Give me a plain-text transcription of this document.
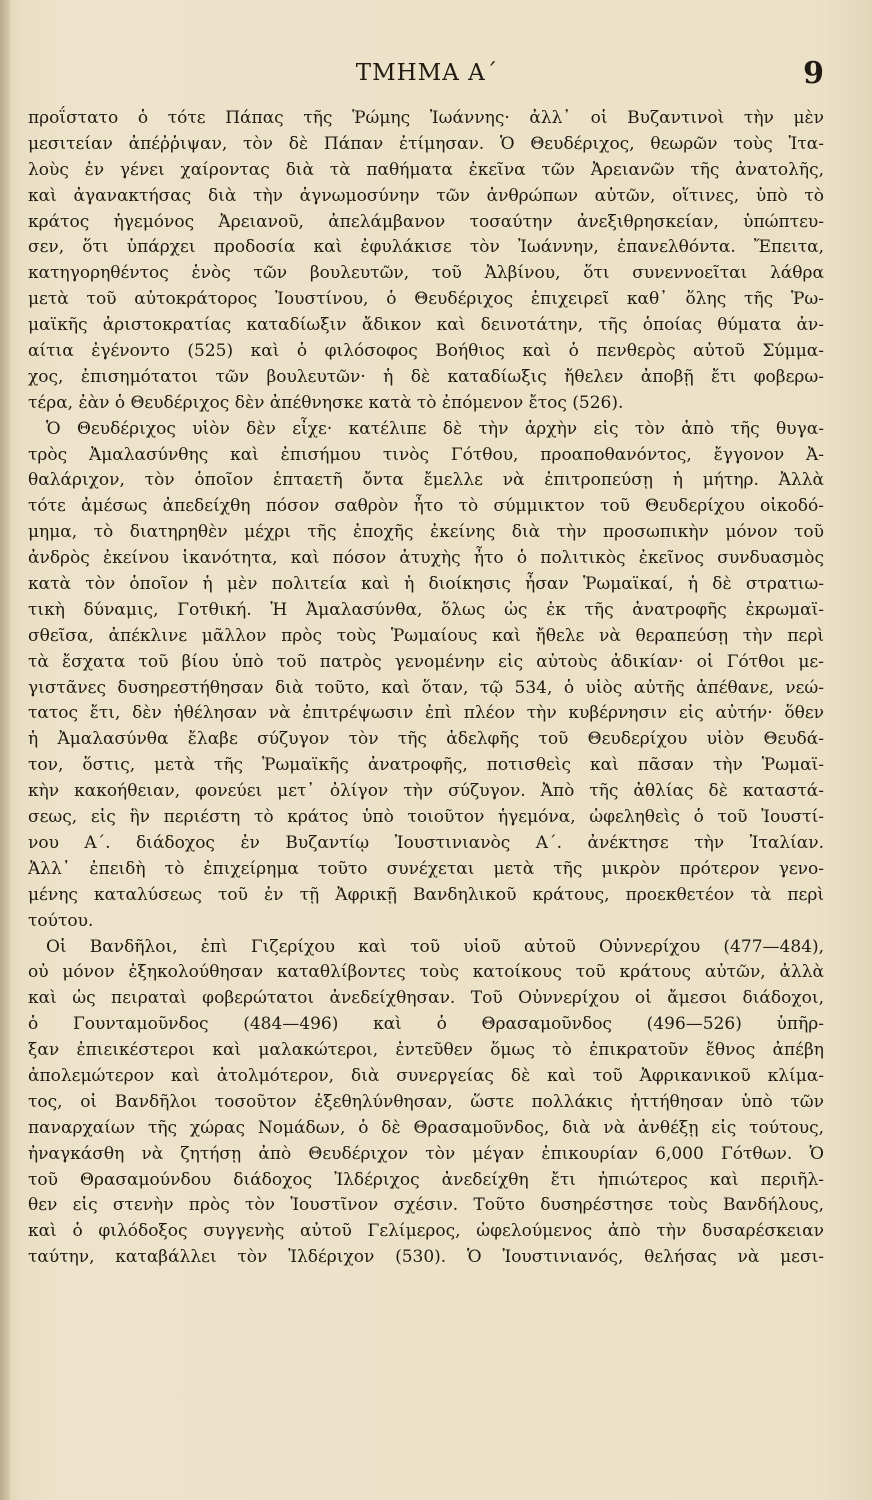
ΤΜΗΜΑ Α΄	9
προΐστατο ὁ τότε Πάπας τῆς Ῥώμης Ἰωάννης· ἀλλ᾽ οἱ Βυζαντινοὶ τὴν μὲν
μεσιτείαν ἀπέῤῥιψαν, τὸν δὲ Πάπαν ἐτίμησαν. Ὁ Θευδέριχος, θεωρῶν τοὺς Ἰτα-
λοὺς ἐν γένει χαίροντας διὰ τὰ παθήματα ἐκεῖνα τῶν Ἀρειανῶν τῆς ἀνατολῆς,
καὶ ἀγανακτήσας διὰ τὴν ἀγνωμοσύνην τῶν ἀνθρώπων αὐτῶν, οἵτινες, ὑπὸ τὸ
κράτος ἡγεμόνος Ἀρειανοῦ, ἀπελάμβανον τοσαύτην ἀνεξιθρησκείαν, ὑπώπτευ-
σεν, ὅτι ὑπάρχει προδοσία καὶ ἐφυλάκισε τὸν Ἰωάννην, ἐπανελθόντα. Ἔπειτα,
κατηγορηθέντος ἑνὸς τῶν βουλευτῶν, τοῦ Ἀλβίνου, ὅτι συνεννοεῖται λάθρα
μετὰ τοῦ αὐτοκράτορος Ἰουστίνου, ὁ Θευδέριχος ἐπιχειρεῖ καθ᾽ ὅλης τῆς Ῥω-
μαϊκῆς ἀριστοκρατίας καταδίωξιν ἄδικον καὶ δεινοτάτην, τῆς ὁποίας θύματα ἀν-
αίτια ἐγένοντο (525) καὶ ὁ φιλόσοφος Βοήθιος καὶ ὁ πενθερὸς αὐτοῦ Σύμμα-
χος, ἐπισημότατοι τῶν βουλευτῶν· ἡ δὲ καταδίωξις ἤθελεν ἀποβῇ ἔτι φοβερω-
τέρα, ἐὰν ὁ Θευδέριχος δὲν ἀπέθνησκε κατὰ τὸ ἐπόμενον ἔτος (526).
Ὁ Θευδέριχος υἱὸν δὲν εἶχε· κατέλιπε δὲ τὴν ἀρχὴν εἰς τὸν ἀπὸ τῆς θυγα-
τρὸς Ἀμαλασύνθης καὶ ἐπισήμου τινὸς Γότθου, προαποθανόντος, ἔγγονον Ἀ-
θαλάριχον, τὸν ὁποῖον ἑπταετῆ ὄντα ἔμελλε νὰ ἐπιτροπεύσῃ ἡ μήτηρ. Ἀλλὰ
τότε ἀμέσως ἀπεδείχθη πόσον σαθρὸν ἦτο τὸ σύμμικτον τοῦ Θευδερίχου οἰκοδό-
μημα, τὸ διατηρηθὲν μέχρι τῆς ἐποχῆς ἐκείνης διὰ τὴν προσωπικὴν μόνον τοῦ
ἀνδρὸς ἐκείνου ἱκανότητα, καὶ πόσον ἀτυχὴς ἦτο ὁ πολιτικὸς ἐκεῖνος συνδυασμὸς
κατὰ τὸν ὁποῖον ἡ μὲν πολιτεία καὶ ἡ διοίκησις ἦσαν Ῥωμαϊκαί, ἡ δὲ στρατιω-
τικὴ δύναμις, Γοτθική. Ἡ Ἀμαλασύνθα, ὅλως ὡς ἐκ τῆς ἀνατροφῆς ἐκρωμαϊ-
σθεῖσα, ἀπέκλινε μᾶλλον πρὸς τοὺς Ῥωμαίους καὶ ἤθελε νὰ θεραπεύσῃ τὴν περὶ
τὰ ἔσχατα τοῦ βίου ὑπὸ τοῦ πατρὸς γενομένην εἰς αὐτοὺς ἀδικίαν· οἱ Γότθοι με-
γιστᾶνες δυσηρεστήθησαν διὰ τοῦτο, καὶ ὅταν, τῷ 534, ὁ υἱὸς αὐτῆς ἀπέθανε, νεώ-
τατος ἔτι, δὲν ἠθέλησαν νὰ ἐπιτρέψωσιν ἐπὶ πλέον τὴν κυβέρνησιν εἰς αὐτήν· ὅθεν
ἡ Ἀμαλασύνθα ἔλαβε σύζυγον τὸν τῆς ἀδελφῆς τοῦ Θευδερίχου υἱὸν Θευδά-
τον, ὅστις, μετὰ τῆς Ῥωμαϊκῆς ἀνατροφῆς, ποτισθεὶς καὶ πᾶσαν τὴν Ῥωμαϊ-
κὴν κακοήθειαν, φονεύει μετ᾽ ὀλίγον τὴν σύζυγον. Ἀπὸ τῆς ἀθλίας δὲ καταστά-
σεως, εἰς ἣν περιέστη τὸ κράτος ὑπὸ τοιοῦτον ἡγεμόνα, ὠφεληθεὶς ὁ τοῦ Ἰουστί-
νου Α΄. διάδοχος ἐν Βυζαντίῳ Ἰουστινιανὸς Α΄. ἀνέκτησε τὴν Ἰταλίαν.
Ἀλλ᾽ ἐπειδὴ τὸ ἐπιχείρημα τοῦτο συνέχεται μετὰ τῆς μικρὸν πρότερον γενο-
μένης καταλύσεως τοῦ ἐν τῇ Ἀφρικῇ Βανδηλικοῦ κράτους, προεκθετέον τὰ περὶ
τούτου.
Οἱ Βανδῆλοι, ἐπὶ Γιζερίχου καὶ τοῦ υἱοῦ αὐτοῦ Οὐννερίχου (477—484),
οὐ μόνον ἐξηκολούθησαν καταθλίβοντες τοὺς κατοίκους τοῦ κράτους αὐτῶν, ἀλλὰ
καὶ ὡς πειραταὶ φοβερώτατοι ἀνεδείχθησαν. Τοῦ Οὐννερίχου οἱ ἄμεσοι διάδοχοι,
ὁ Γουνταμοῦνδος (484—496) καὶ ὁ Θρασαμοῦνδος (496—526) ὑπῆρ-
ξαν ἐπιεικέστεροι καὶ μαλακώτεροι, ἐντεῦθεν ὅμως τὸ ἐπικρατοῦν ἔθνος ἀπέβη
ἀπολεμώτερον καὶ ἀτολμότερον, διὰ συνεργείας δὲ καὶ τοῦ Ἀφρικανικοῦ κλίμα-
τος, οἱ Βανδῆλοι τοσοῦτον ἐξεθηλύνθησαν, ὥστε πολλάκις ἡττήθησαν ὑπὸ τῶν
παναρχαίων τῆς χώρας Νομάδων, ὁ δὲ Θρασαμοῦνδος, διὰ νὰ ἀνθέξῃ εἰς τούτους,
ἠναγκάσθη νὰ ζητήσῃ ἀπὸ Θευδέριχον τὸν μέγαν ἐπικουρίαν 6,000 Γότθων. Ὁ
τοῦ Θρασαμούνδου διάδοχος Ἰλδέριχος ἀνεδείχθη ἔτι ἠπιώτερος καὶ περιῆλ-
θεν εἰς στενὴν πρὸς τὸν Ἰουστῖνον σχέσιν. Τοῦτο δυσηρέστησε τοὺς Βανδήλους,
καὶ ὁ φιλόδοξος συγγενὴς αὐτοῦ Γελίμερος, ὠφελούμενος ἀπὸ τὴν δυσαρέσκειαν
ταύτην, καταβάλλει τὸν Ἰλδέριχον (530). Ὁ Ἰουστινιανός, θελήσας νὰ μεσι-
